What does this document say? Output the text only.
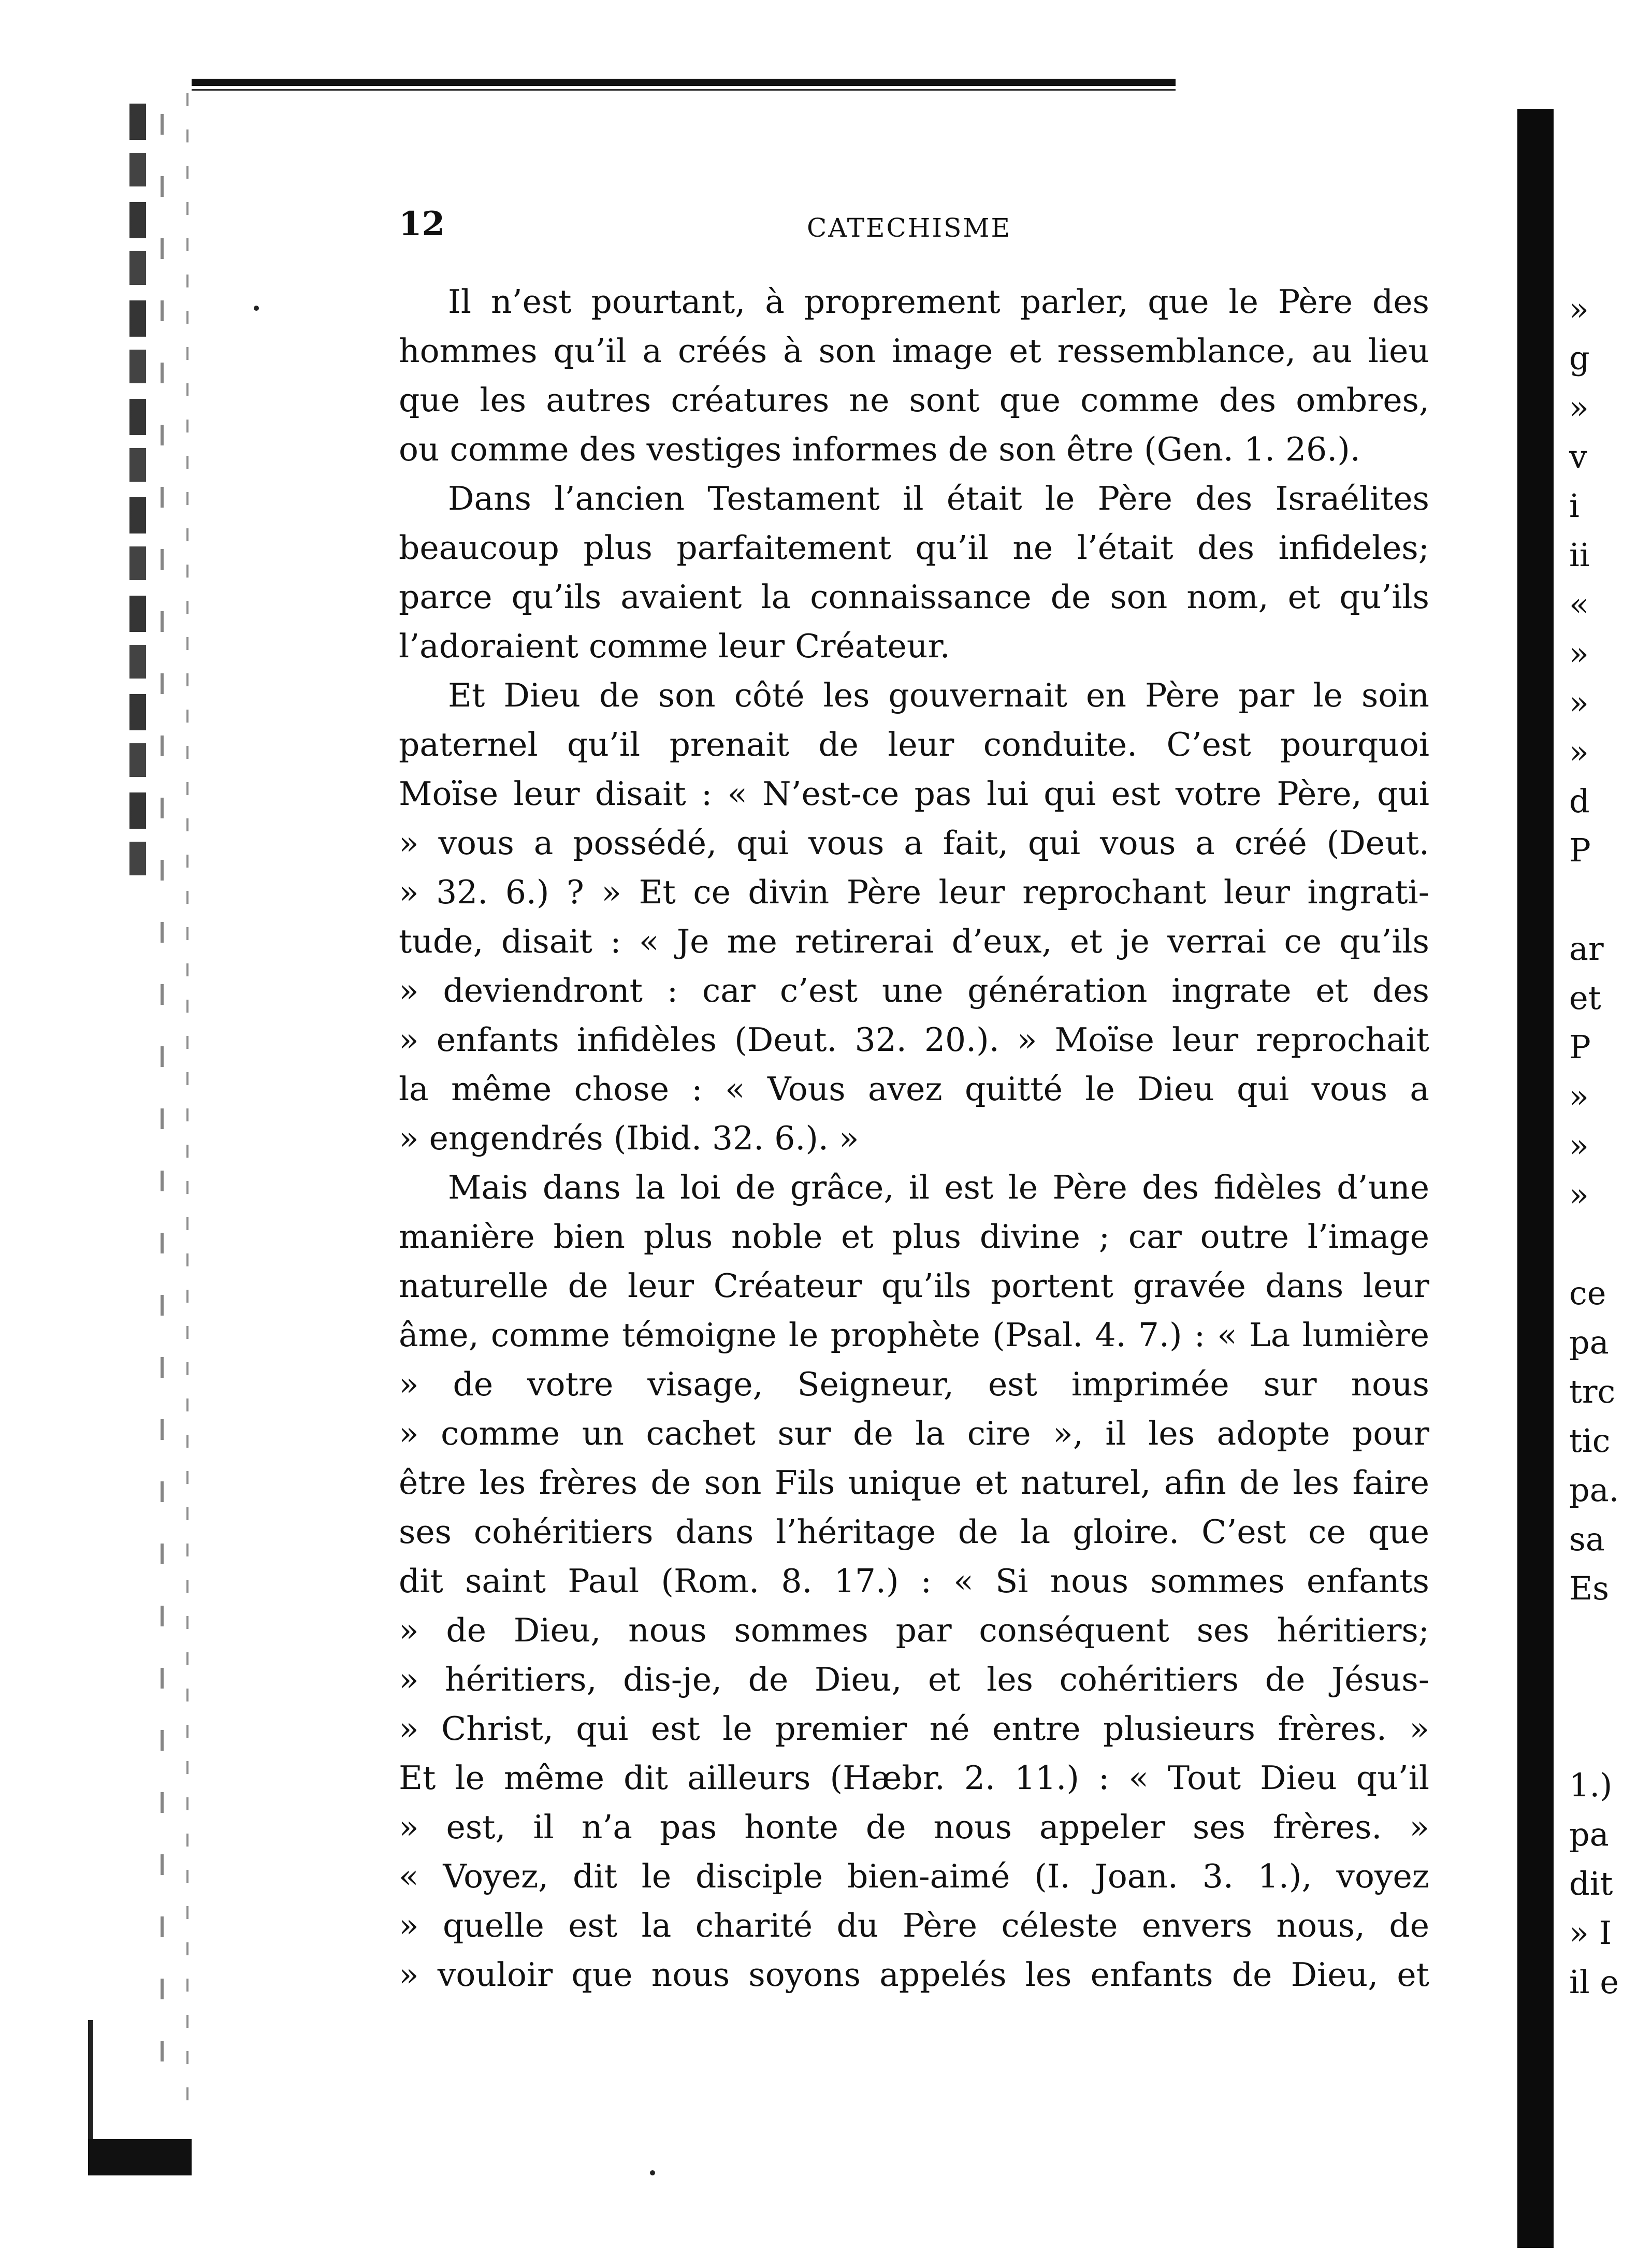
12	CATECHISME
Il n’est pourtant, à proprement parler, que le Père des
hommes qu’il a créés à son image et ressemblance, au lieu
que les autres créatures ne sont que comme des ombres,
ou comme des vestiges informes de son être (Gen. 1. 26.).
Dans l’ancien Testament il était le Père des Israélites
beaucoup plus parfaitement qu’il ne l’était des infideles;
parce qu’ils avaient la connaissance de son nom, et qu’ils
l’adoraient comme leur Créateur.
Et Dieu de son côté les gouvernait en Père par le soin
paternel qu’il prenait de leur conduite. C’est pourquoi
Moïse leur disait : « N’est-ce pas lui qui est votre Père, qui
» vous a possédé, qui vous a fait, qui vous a créé (Deut.
» 32. 6.) ? » Et ce divin Père leur reprochant leur ingrati-
tude, disait : « Je me retirerai d’eux, et je verrai ce qu’ils
» deviendront : car c’est une génération ingrate et des
» enfants infidèles (Deut. 32. 20.). » Moïse leur reprochait
la même chose : « Vous avez quitté le Dieu qui vous a
» engendrés (Ibid. 32. 6.). »
Mais dans la loi de grâce, il est le Père des fidèles d’une
manière bien plus noble et plus divine ; car outre l’image
naturelle de leur Créateur qu’ils portent gravée dans leur
âme, comme témoigne le prophète (Psal. 4. 7.) : « La lumière
» de votre visage, Seigneur, est imprimée sur nous
» comme un cachet sur de la cire », il les adopte pour
être les frères de son Fils unique et naturel, afin de les faire
ses cohéritiers dans l’héritage de la gloire. C’est ce que
dit saint Paul (Rom. 8. 17.) : « Si nous sommes enfants
» de Dieu, nous sommes par conséquent ses héritiers;
» héritiers, dis-je, de Dieu, et les cohéritiers de Jésus-
» Christ, qui est le premier né entre plusieurs frères. »
Et le même dit ailleurs (Hæbr. 2. 11.) : « Tout Dieu qu’il
» est, il n’a pas honte de nous appeler ses frères. »
« Voyez, dit le disciple bien-aimé (I. Joan. 3. 1.), voyez
» quelle est la charité du Père céleste envers nous, de
» vouloir que nous soyons appelés les enfants de Dieu, et
»
g
»
v
i
ii
«
»
»
»
d
P
ar
et
P
»
»
»
ce
pa
trc
tic
pa.
sa
Es
1.)
pa
dit
» I
il e
